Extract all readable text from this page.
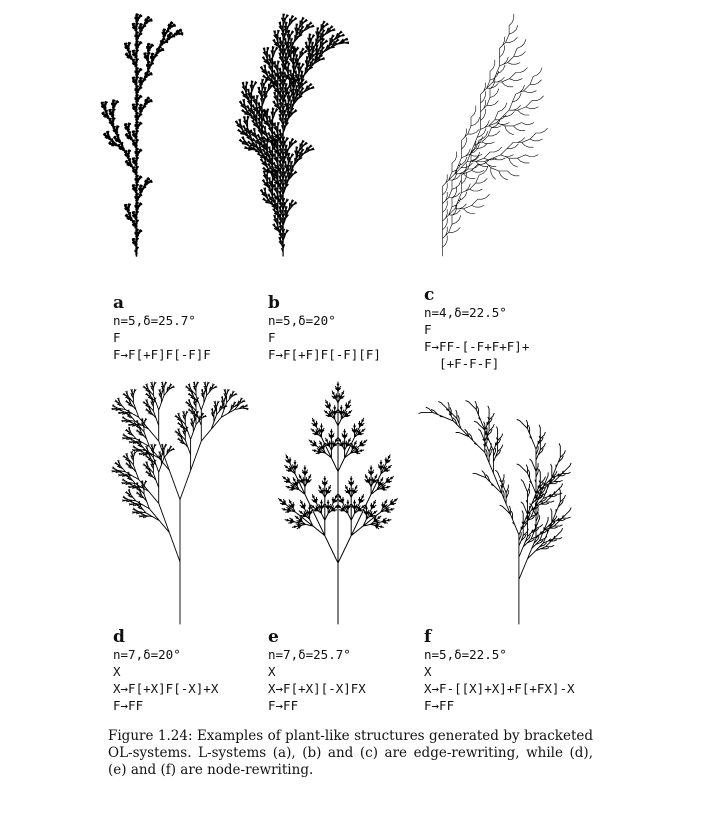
a
n=5,δ=25.7°
F
F→F[+F]F[-F]F
b
n=5,δ=20°
F
F→F[+F]F[-F][F]
c
n=4,δ=22.5°
F
F→FF-[-F+F+F]+
[+F-F-F]
d
n=7,δ=20°
X
X→F[+X]F[-X]+X
F→FF
e
n=7,δ=25.7°
X
X→F[+X][-X]FX
F→FF
f
n=5,δ=22.5°
X
X→F-[[X]+X]+F[+FX]-X
F→FF
Figure 1.24: Examples of plant-like structures generated by bracketed OL-systems. L-systems (a), (b) and (c) are edge-rewriting, while (d), (e) and (f) are node-rewriting.
